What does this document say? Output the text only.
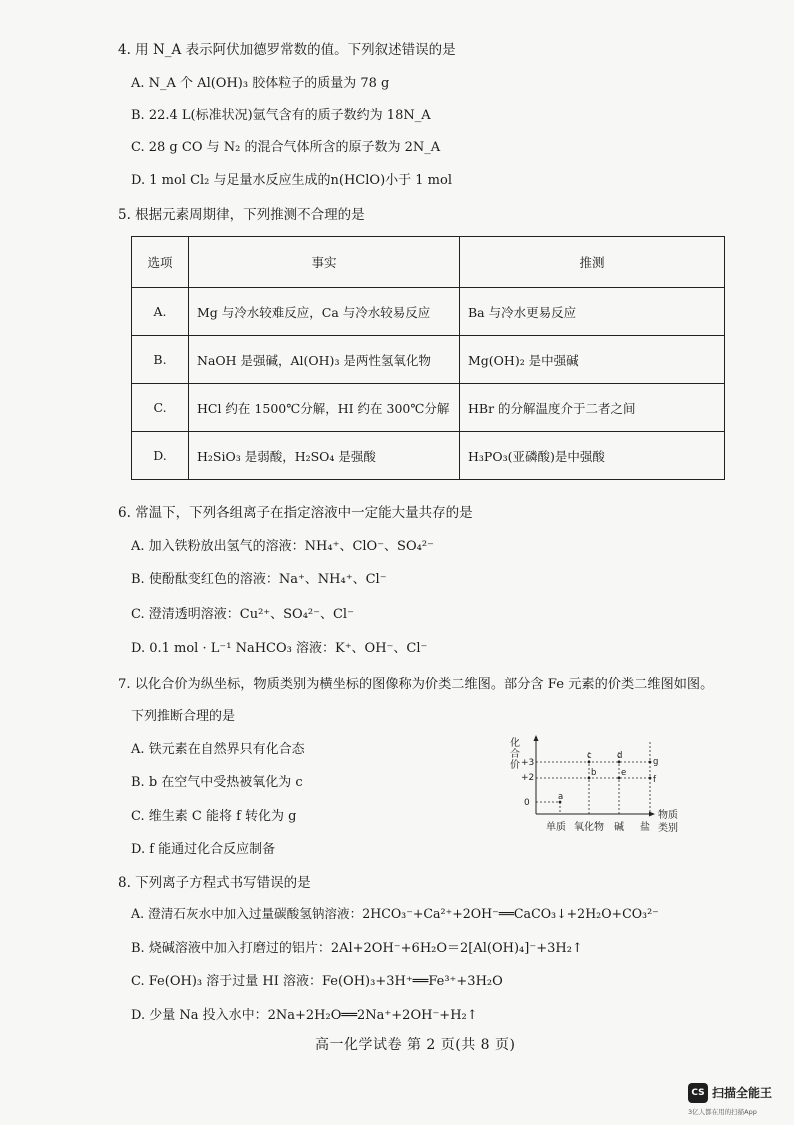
4. 用 N_A 表示阿伏加德罗常数的值。下列叙述错误的是
A. N_A 个 Al(OH)₃ 胶体粒子的质量为 78 g
B. 22.4 L(标准状况)氩气含有的质子数约为 18N_A
C. 28 g CO 与 N₂ 的混合气体所含的原子数为 2N_A
D. 1 mol Cl₂ 与足量水反应生成的n(HClO)小于 1 mol
5. 根据元素周期律，下列推测不合理的是
选项	事实	推测
A.	Mg 与冷水较难反应，Ca 与冷水较易反应	Ba 与冷水更易反应
B.	NaOH 是强碱，Al(OH)₃ 是两性氢氧化物	Mg(OH)₂ 是中强碱
C.	HCl 约在 1500℃分解，HI 约在 300℃分解	HBr 的分解温度介于二者之间
D.	H₂SiO₃ 是弱酸，H₂SO₄ 是强酸	H₃PO₃(亚磷酸)是中强酸
6. 常温下，下列各组离子在指定溶液中一定能大量共存的是
A. 加入铁粉放出氢气的溶液：NH₄⁺、ClO⁻、SO₄²⁻
B. 使酚酞变红色的溶液：Na⁺、NH₄⁺、Cl⁻
C. 澄清透明溶液：Cu²⁺、SO₄²⁻、Cl⁻
D. 0.1 mol · L⁻¹ NaHCO₃ 溶液：K⁺、OH⁻、Cl⁻
7. 以化合价为纵坐标，物质类别为横坐标的图像称为价类二维图。部分含 Fe 元素的价类二维图如图。
下列推断合理的是
A. 铁元素在自然界只有化合态
B. b 在空气中受热被氧化为 c
C. 维生素 C 能将 f 转化为 g
D. f 能通过化合反应制备
化合价 +3
+2
0
a
b
c	d
e
f
g
单质 氧化物 碱 盐
物质
类别
8. 下列离子方程式书写错误的是
A. 澄清石灰水中加入过量碳酸氢钠溶液：2HCO₃⁻+Ca²⁺+2OH⁻══CaCO₃↓+2H₂O+CO₃²⁻
B. 烧碱溶液中加入打磨过的铝片：2Al+2OH⁻+6H₂O＝2[Al(OH)₄]⁻+3H₂↑
C. Fe(OH)₃ 溶于过量 HI 溶液：Fe(OH)₃+3H⁺══Fe³⁺+3H₂O
D. 少量 Na 投入水中：2Na+2H₂O══2Na⁺+2OH⁻+H₂↑
高一化学试卷 第 2 页(共 8 页)
CS 扫描全能王
3亿人都在用的扫描App
